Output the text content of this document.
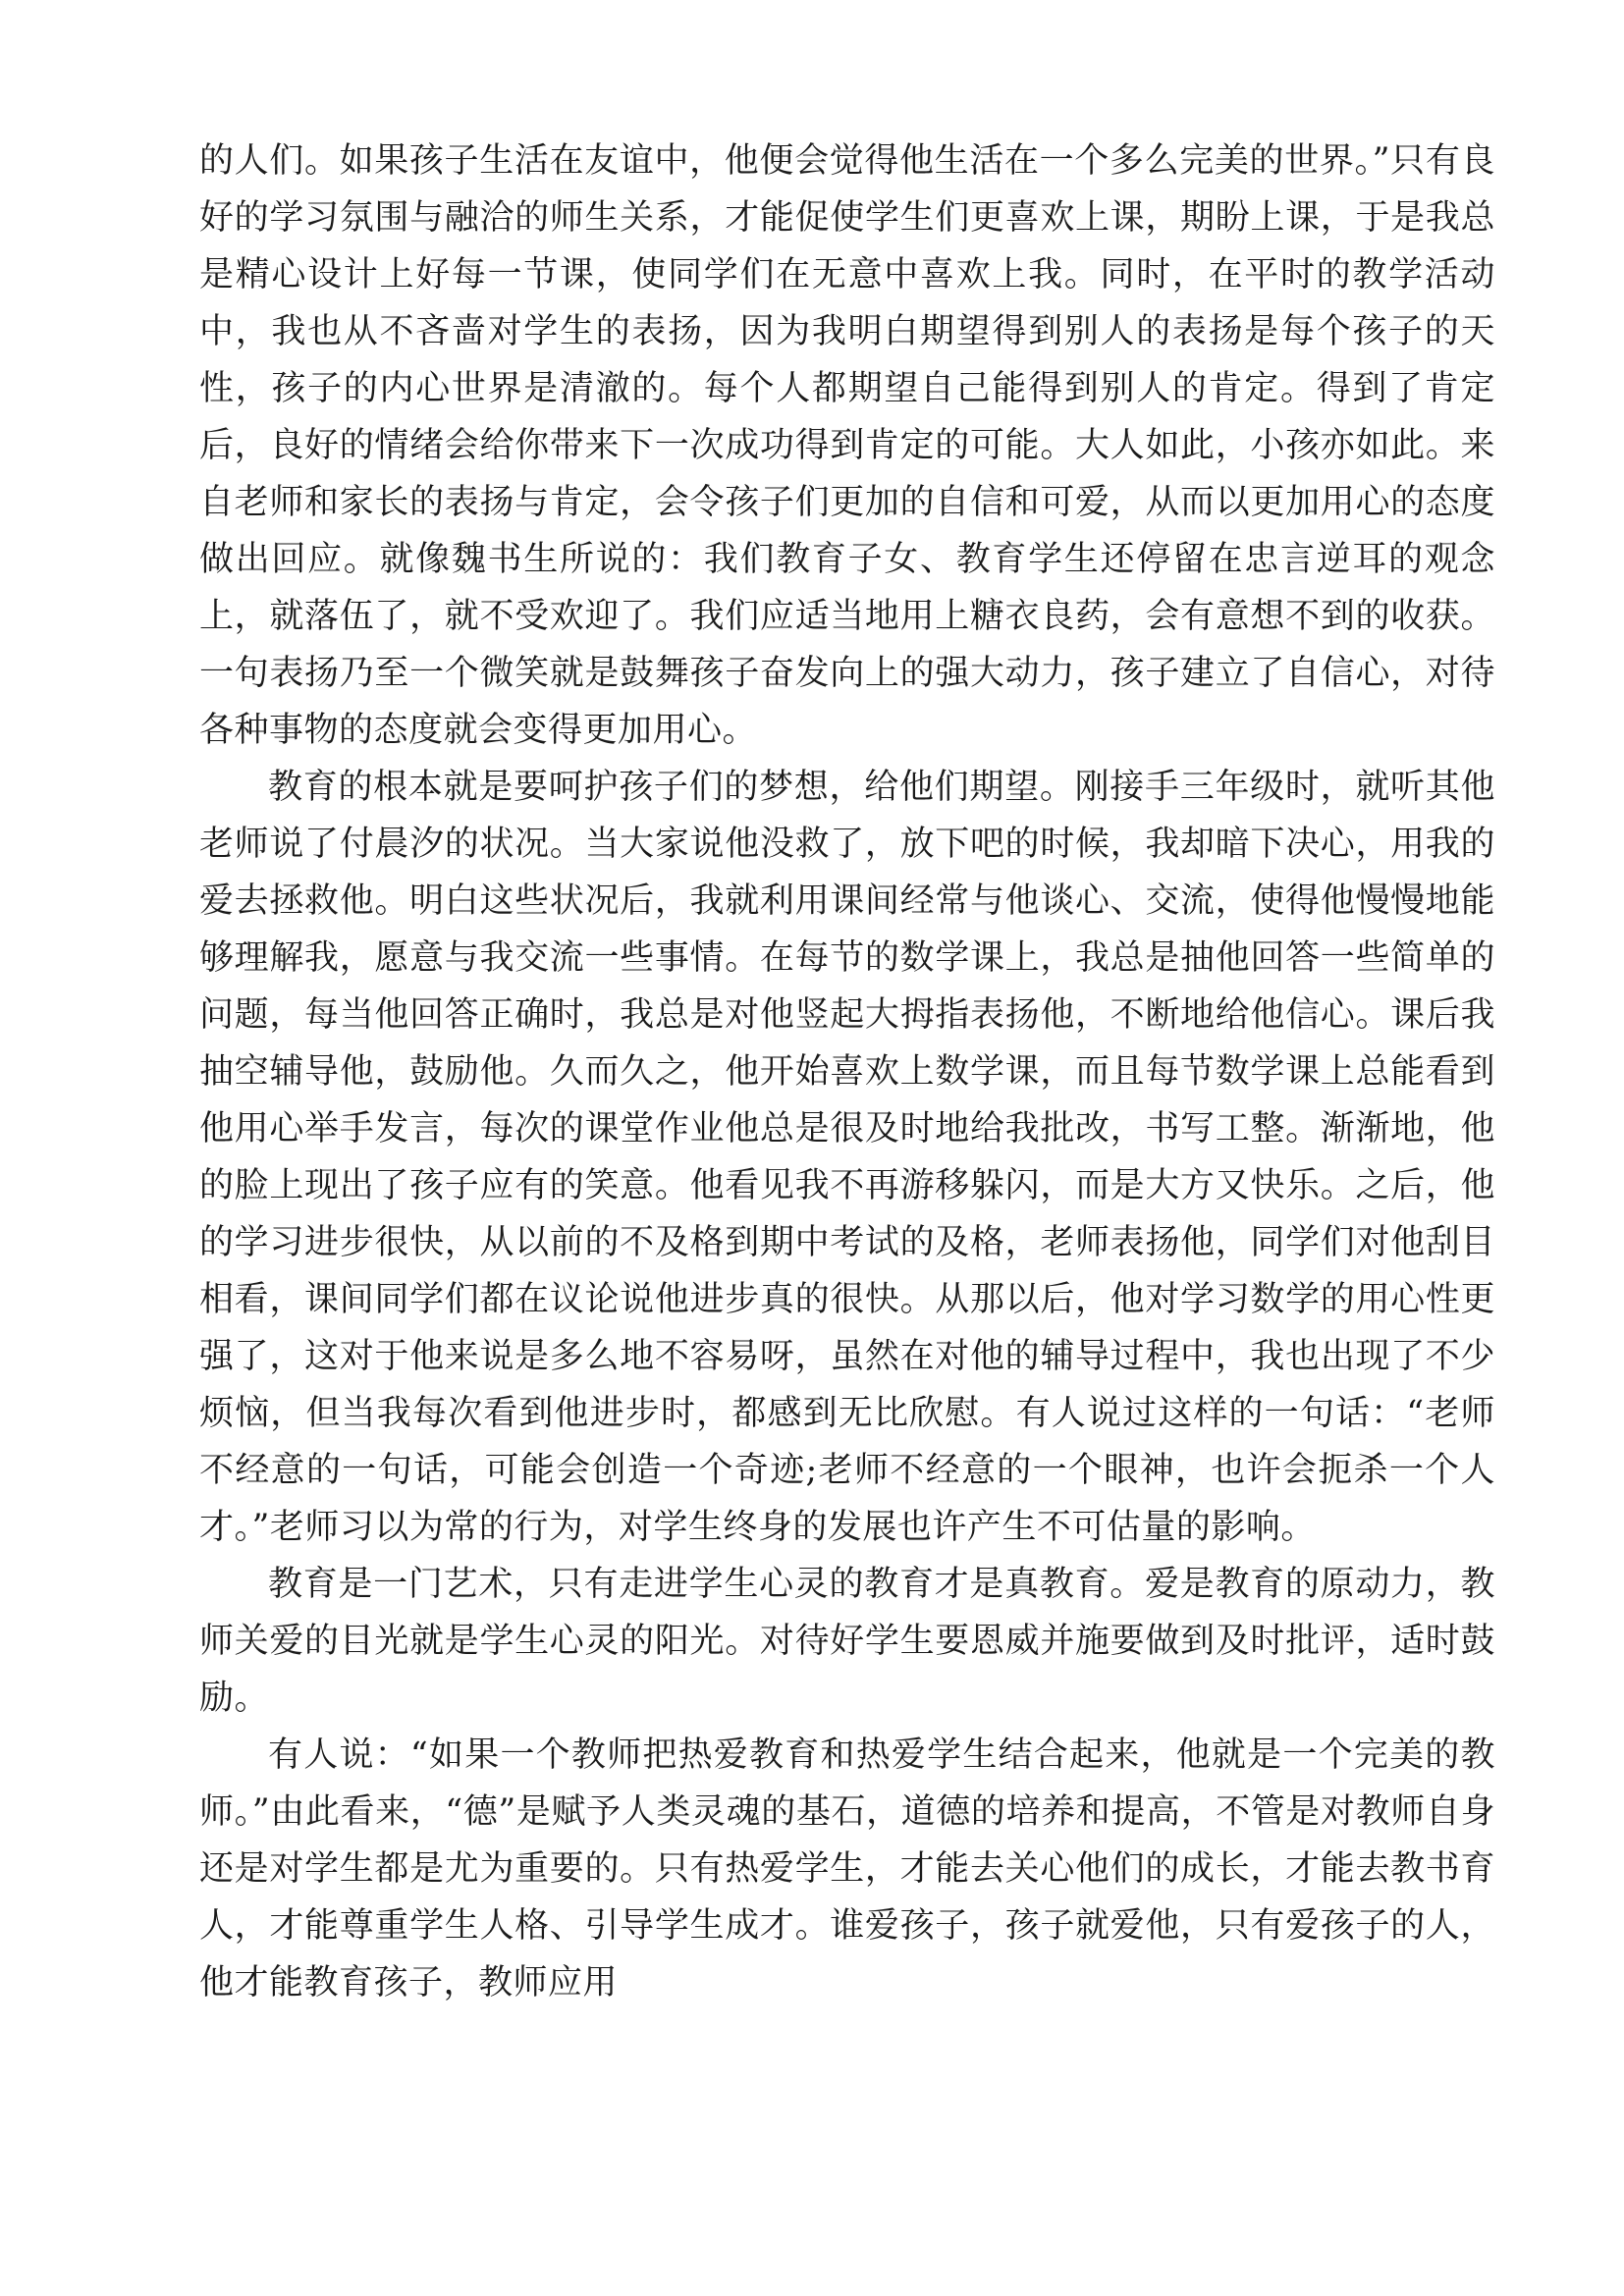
的人们。如果孩子生活在友谊中，他便会觉得他生活在一个多么完美的世界。”只有良好的学习氛围与融洽的师生关系，才能促使学生们更喜欢上课，期盼上课，于是我总是精心设计上好每一节课，使同学们在无意中喜欢上我。同时，在平时的教学活动中，我也从不吝啬对学生的表扬，因为我明白期望得到别人的表扬是每个孩子的天性，孩子的内心世界是清澈的。每个人都期望自己能得到别人的肯定。得到了肯定后，良好的情绪会给你带来下一次成功得到肯定的可能。大人如此，小孩亦如此。来自老师和家长的表扬与肯定，会令孩子们更加的自信和可爱，从而以更加用心的态度做出回应。就像魏书生所说的：我们教育子女、教育学生还停留在忠言逆耳的观念上，就落伍了，就不受欢迎了。我们应适当地用上糖衣良药，会有意想不到的收获。一句表扬乃至一个微笑就是鼓舞孩子奋发向上的强大动力，孩子建立了自信心，对待各种事物的态度就会变得更加用心。

教育的根本就是要呵护孩子们的梦想，给他们期望。刚接手三年级时，就听其他老师说了付晨汐的状况。当大家说他没救了，放下吧的时候，我却暗下决心，用我的爱去拯救他。明白这些状况后，我就利用课间经常与他谈心、交流，使得他慢慢地能够理解我，愿意与我交流一些事情。在每节的数学课上，我总是抽他回答一些简单的问题，每当他回答正确时，我总是对他竖起大拇指表扬他，不断地给他信心。课后我抽空辅导他，鼓励他。久而久之，他开始喜欢上数学课，而且每节数学课上总能看到他用心举手发言，每次的课堂作业他总是很及时地给我批改，书写工整。渐渐地，他的脸上现出了孩子应有的笑意。他看见我不再游移躲闪，而是大方又快乐。之后，他的学习进步很快，从以前的不及格到期中考试的及格，老师表扬他，同学们对他刮目相看，课间同学们都在议论说他进步真的很快。从那以后，他对学习数学的用心性更强了，这对于他来说是多么地不容易呀，虽然在对他的辅导过程中，我也出现了不少烦恼，但当我每次看到他进步时，都感到无比欣慰。有人说过这样的一句话：“老师不经意的一句话，可能会创造一个奇迹;老师不经意的一个眼神，也许会扼杀一个人才。”老师习以为常的行为，对学生终身的发展也许产生不可估量的影响。

教育是一门艺术，只有走进学生心灵的教育才是真教育。爱是教育的原动力，教师关爱的目光就是学生心灵的阳光。对待好学生要恩威并施要做到及时批评，适时鼓励。

有人说：“如果一个教师把热爱教育和热爱学生结合起来，他就是一个完美的教师。”由此看来，“德”是赋予人类灵魂的基石，道德的培养和提高，不管是对教师自身还是对学生都是尤为重要的。只有热爱学生，才能去关心他们的成长，才能去教书育人，才能尊重学生人格、引导学生成才。谁爱孩子，孩子就爱他，只有爱孩子的人，他才能教育孩子，教师应用
